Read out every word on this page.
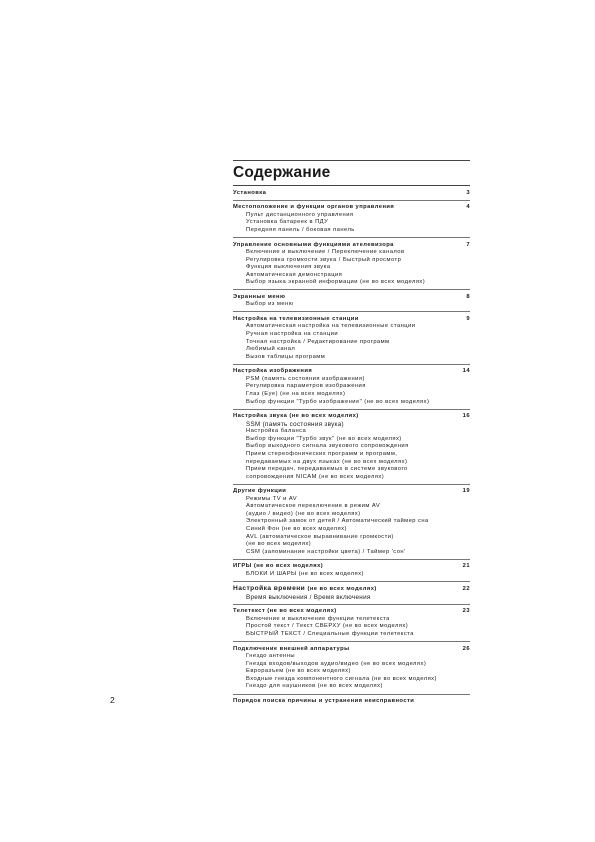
Содержание
Установка	3
Местоположение и функции органов управления	4
Пульт дистанционного управления
Установка батареек в ПДУ
Передняя панель / боковая панель
Управление основными функциями ателевизора	7
Включение и выключение / Переключение каналов
Регулировка громкости звука / Быстрый просмотр
Функция выключения звука
Автоматическая демонстрация
Выбор языка экранной информации (не во всех моделях)
Экранные меню	8
Выбор из меню
Настройка на телевизионные станции	9
Автоматическая настройка на телевизионные станции
Ручная настройка на станции
Точная настройка / Редактирование программ
Любимый канал
Вызов таблицы программ
Настройка изображения	14
PSM (память состояния изображения)
Регулировка параметров изображения
Глаз (Eye) (не на всех моделях)
Выбор функции "Турбо изображение" (не во всех моделях)
Настройка звука (не во всех моделях)	16
SSM (память состояния звука)
Настройка баланса
Выбор функции "Турбо звук" (не во всех моделях)
Выбор выходного сигнала звукового сопровождения
Прием стереофонических программ и программ,
передаваемых на двух языках (не во всех моделях)
Прием передач, передаваемых в системе звукового
сопровождения NICAM (не во всех моделях)
Другие функции	19
Режимы TV и AV
Автоматическое переключение в режим AV
(аудио / видео) (не во всех моделях)
Электронный замок от детей / Автоматический таймер сна
Синий Фон (не во всех моделях)
AVL (автоматическое выравнивание громкости)
(не во всех моделях)
CSM (запоминание настройки цвета) / Таймер 'сон'
ИГРЫ (не во всех моделях)	21
БЛОКИ И ШАРЫ (не во всех моделях)
Настройка времени (не во всех моделях)	22
Время выключения / Время включения
Телетекст (не во всех моделях)	23
Включение и выключение функции телетекста
Простой текст / Текст СВЕРХУ (не во всех моделях)
БЫСТРЫЙ ТЕКСТ / Специальные функции телетекста
Подключение внешней аппаратуры	26
Гнездо антенны
Гнезда входов/выходов аудио/видео (не во всех моделях)
Евроразъем (не во всех моделях)
Входные гнезда компонентного сигнала (не во всех моделях)
Гнездо для наушников (не во всех моделях)
Порядок поиска причины и устранения неисправности
2
